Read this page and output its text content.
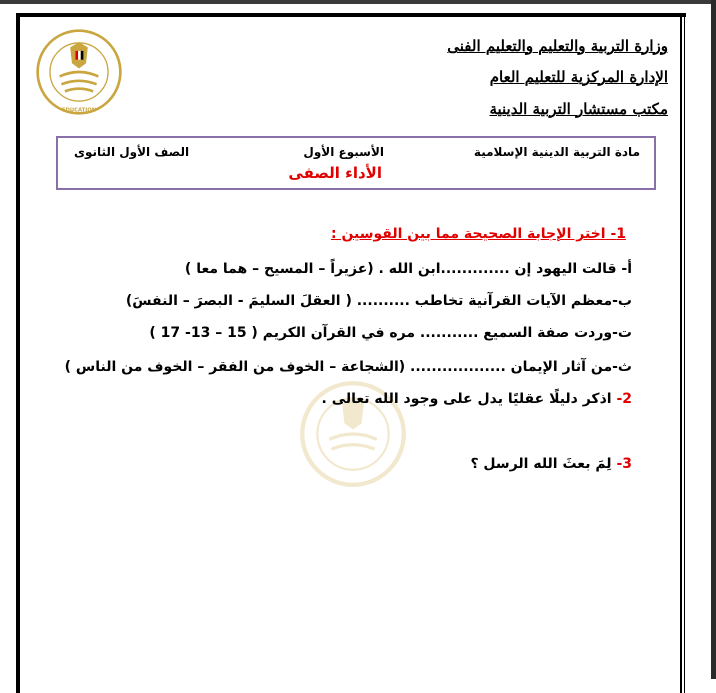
EDUCATION
وزارة التربية والتعليم والتعليم الفنى
الإدارة المركزية للتعليم العام
مكتب مستشار التربية الدينية
مادة التربية الدينية الإسلامية
الأسبوع الأول
الصف الأول الثانوى
الأداء الصفى
1- اختر الإجابة الصحيحة مما بين القوسين :
أ- قالت اليهود إن .............ابن الله . (عزيراً – المسيح – هما معا )
ب-معظم الآيات القرآنية تخاطب .......... ( العقلَ السليمَ - البصرَ – النفسَ)
ت-وردت صفة السميع ........... مره في القرآن الكريم ( 15 – 13- 17 )
ث-من آثار الإيمان .................. (الشجاعة – الخوف من الفقر – الخوف من الناس )
2- اذكر دليلًا عقليًا يدل على وجود الله تعالى .
3- لِمَ بعثَ الله الرسل ؟
